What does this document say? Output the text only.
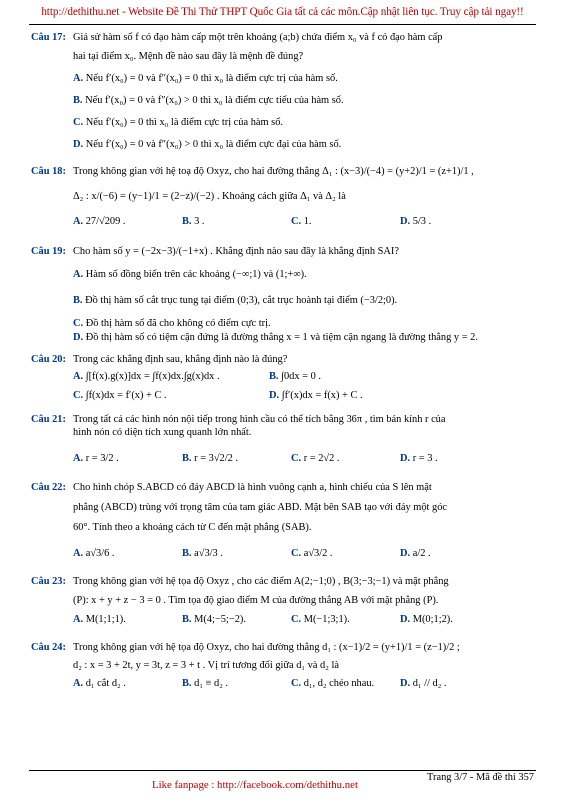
http://dethithu.net - Website Đề Thi Thử THPT Quốc Gia tất cả các môn.Cập nhật liên tục. Truy cập tải ngay!!
Câu 17: Giả sử hàm số f có đạo hàm cấp một trên khoảng (a;b) chứa điểm x₀ và f có đạo hàm cấp
hai tại điểm x₀. Mệnh đề nào sau đây là mệnh đề đúng?
A. Nếu f′(x₀) = 0 và f″(x₀) = 0 thì x₀ là điểm cực trị của hàm số.
B. Nếu f′(x₀) = 0 và f″(x₀) > 0 thì x₀ là điểm cực tiểu của hàm số.
C. Nếu f′(x₀) = 0 thì x₀ là điểm cực trị của hàm số.
D. Nếu f′(x₀) = 0 và f″(x₀) > 0 thì x₀ là điểm cực đại của hàm số.
Câu 18: Trong không gian với hệ toạ độ Oxyz, cho hai đường thẳng Δ₁ : (x−3)/(−4) = (y+2)/1 = (z+1)/1 ,
Δ₂ : x/(−6) = (y−1)/1 = (2−z)/(−2) . Khoảng cách giữa Δ₁ và Δ₂ là
A. 27/√209 .	B. 3 .	C. 1.	D. 5/3 .
Câu 19: Cho hàm số y = (−2x−3)/(−1+x) . Khẳng định nào sau đây là khẳng định SAI?
A. Hàm số đồng biến trên các khoảng (−∞;1) và (1;+∞).
B. Đồ thị hàm số cắt trục tung tại điểm (0;3), cắt trục hoành tại điểm (−3/2;0).
C. Đồ thị hàm số đã cho không có điểm cực trị.
D. Đồ thị hàm số có tiệm cận đứng là đường thẳng x = 1 và tiệm cận ngang là đường thẳng y = 2.
Câu 20: Trong các khẳng định sau, khẳng định nào là đúng?
A. ∫[f(x).g(x)]dx = ∫f(x)dx.∫g(x)dx .	B. ∫0dx = 0 .
C. ∫f(x)dx = f′(x) + C .	D. ∫f′(x)dx = f(x) + C .
Câu 21: Trong tất cả các hình nón nội tiếp trong hình cầu có thể tích bằng 36π , tìm bán kính r của
hình nón có diện tích xung quanh lớn nhất.
A. r = 3/2 .	B. r = 3√2/2 .	C. r = 2√2 .	D. r = 3 .
Câu 22: Cho hình chóp S.ABCD có đáy ABCD là hình vuông cạnh a, hình chiếu của S lên mặt
phẳng (ABCD) trùng với trọng tâm của tam giác ABD. Mặt bên SAB tạo với đáy một góc
60°. Tính theo a khoảng cách từ C đến mặt phẳng (SAB).
A. a√3/6 .	B. a√3/3 .	C. a√3/2 .	D. a/2 .
Câu 23: Trong không gian với hệ tọa độ Oxyz , cho các điểm A(2;−1;0) , B(3;−3;−1) và mặt phẳng
(P): x + y + z − 3 = 0 . Tìm tọa độ giao điểm M của đường thẳng AB với mặt phẳng (P).
A. M(1;1;1).	B. M(4;−5;−2).	C. M(−1;3;1).	D. M(0;1;2).
Câu 24: Trong không gian với hệ tọa độ Oxyz, cho hai đường thẳng d₁ : (x−1)/2 = (y+1)/1 = (z−1)/2 ;
d₂ : x = 3 + 2t, y = 3t, z = 3 + t . Vị trí tương đối giữa d₁ và d₂ là
A. d₁ cắt d₂ .	B. d₁ ≡ d₂ .	C. d₁, d₂ chéo nhau.	D. d₁ // d₂ .
Trang 3/7 - Mã đề thi 357
Like fanpage : http://facebook.com/dethithu.net
